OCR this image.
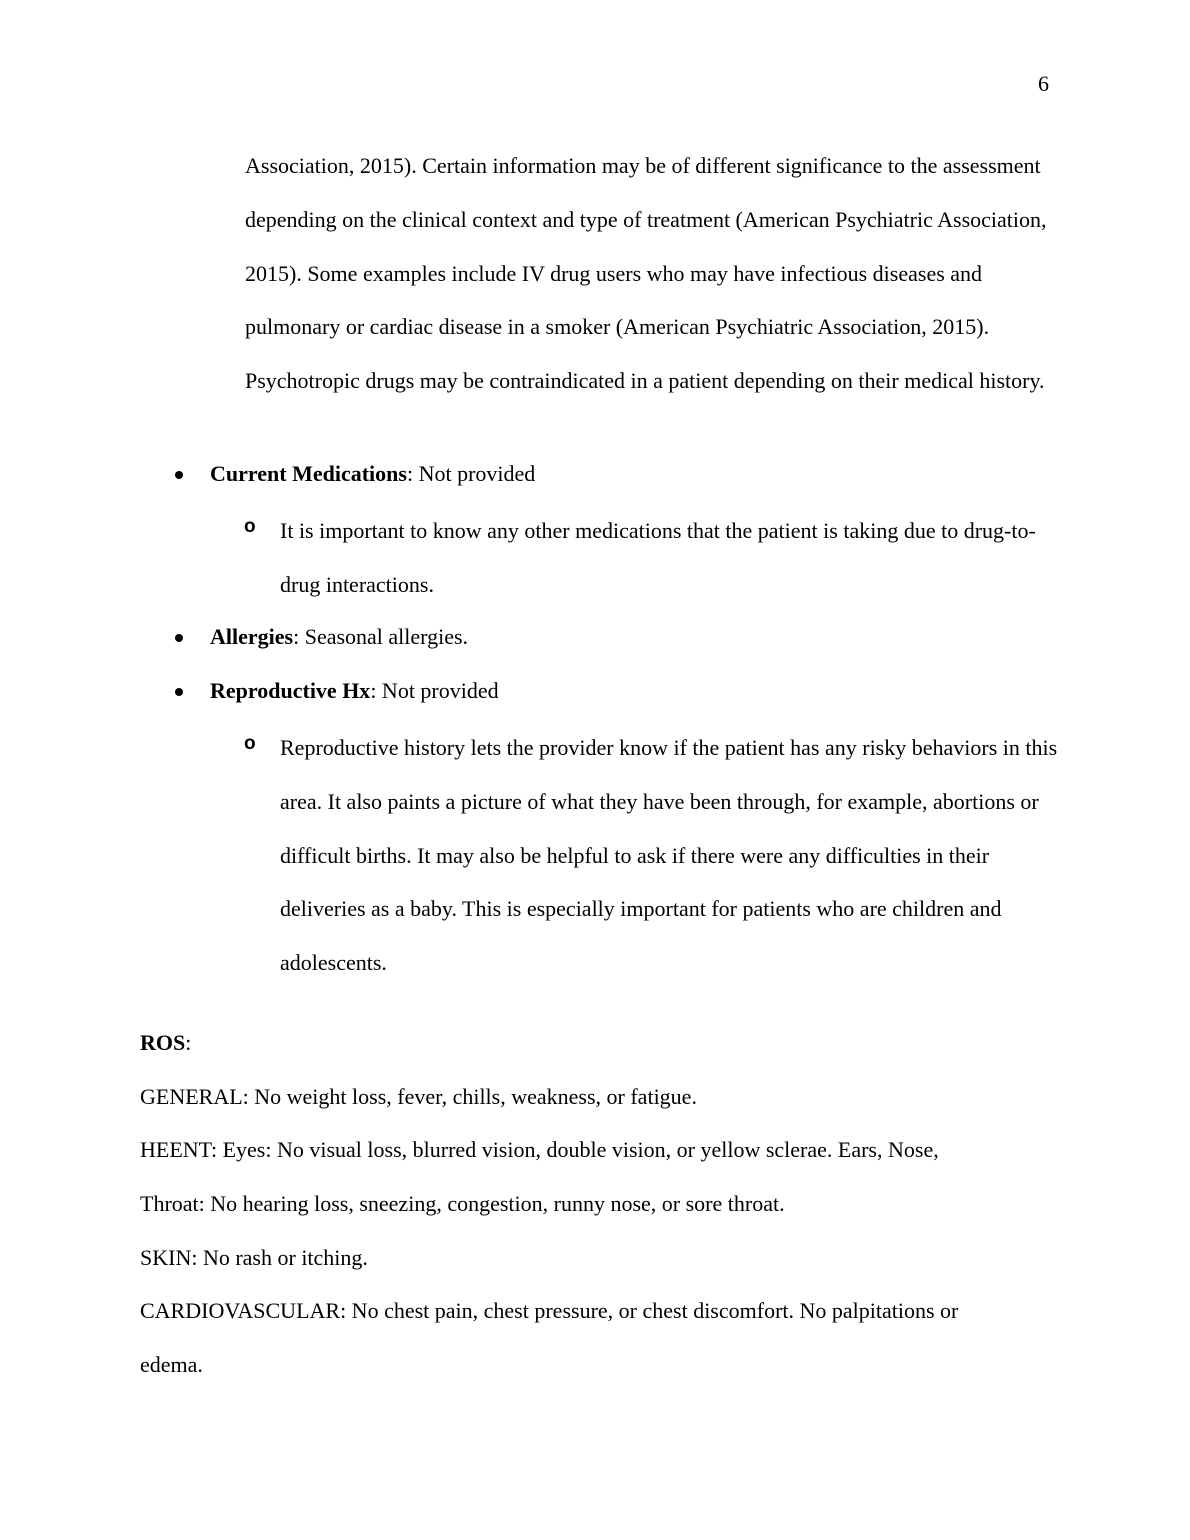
6
Association, 2015). Certain information may be of different significance to the assessment depending on the clinical context and type of treatment (American Psychiatric Association, 2015). Some examples include IV drug users who may have infectious diseases and pulmonary or cardiac disease in a smoker (American Psychiatric Association, 2015). Psychotropic drugs may be contraindicated in a patient depending on their medical history.
Current Medications: Not provided
o It is important to know any other medications that the patient is taking due to drug-to-drug interactions.
Allergies: Seasonal allergies.
Reproductive Hx: Not provided
o Reproductive history lets the provider know if the patient has any risky behaviors in this area. It also paints a picture of what they have been through, for example, abortions or difficult births. It may also be helpful to ask if there were any difficulties in their deliveries as a baby. This is especially important for patients who are children and adolescents.
ROS:
GENERAL: No weight loss, fever, chills, weakness, or fatigue.
HEENT: Eyes: No visual loss, blurred vision, double vision, or yellow sclerae. Ears, Nose,
Throat: No hearing loss, sneezing, congestion, runny nose, or sore throat.
SKIN: No rash or itching.
CARDIOVASCULAR: No chest pain, chest pressure, or chest discomfort. No palpitations or
edema.
